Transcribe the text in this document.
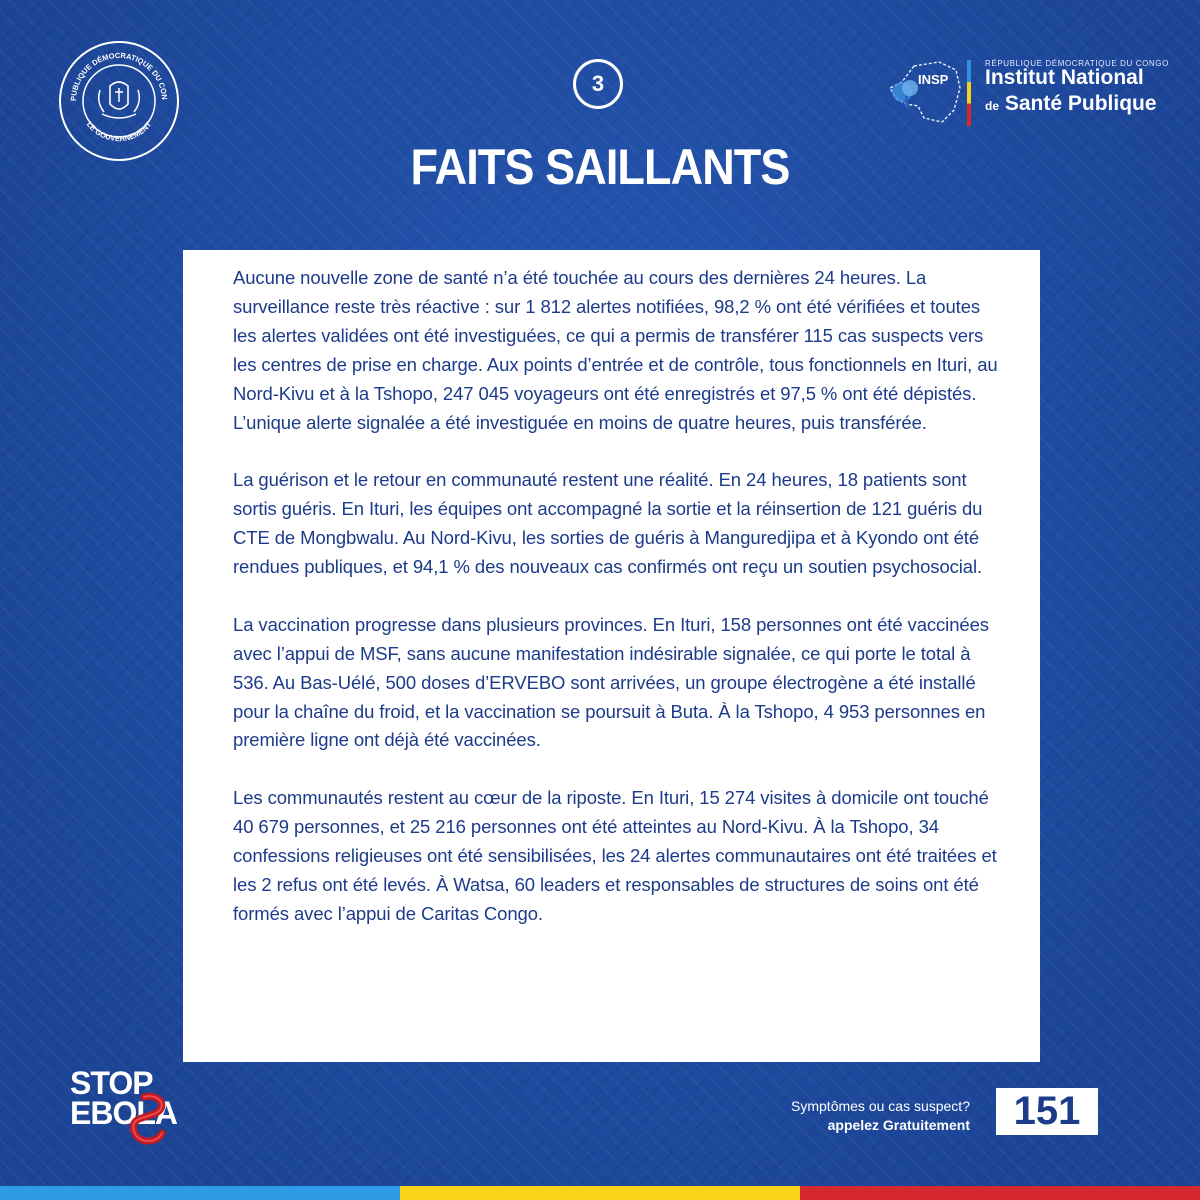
PUBLIQUE DÉMOCRATIQUE DU CON
LE GOUVERNEMENT
3
FAITS SAILLANTS
INSP
RÉPUBLIQUE DÉMOCRATIQUE DU CONGO
Institut National
de Santé Publique

Aucune nouvelle zone de santé n’a été touchée au cours des dernières 24 heures. La surveillance reste très réactive : sur 1 812 alertes notifiées, 98,2 % ont été vérifiées et toutes les alertes validées ont été investiguées, ce qui a permis de transférer 115 cas suspects vers les centres de prise en charge. Aux points d’entrée et de contrôle, tous fonctionnels en Ituri, au Nord-Kivu et à la Tshopo, 247 045 voyageurs ont été enregistrés et 97,5 % ont été dépistés. L’unique alerte signalée a été investiguée en moins de quatre heures, puis transférée.

La guérison et le retour en communauté restent une réalité. En 24 heures, 18 patients sont sortis guéris. En Ituri, les équipes ont accompagné la sortie et la réinsertion de 121 guéris du CTE de Mongbwalu. Au Nord-Kivu, les sorties de guéris à Manguredjipa et à Kyondo ont été rendues publiques, et 94,1 % des nouveaux cas confirmés ont reçu un soutien psychosocial.

La vaccination progresse dans plusieurs provinces. En Ituri, 158 personnes ont été vaccinées avec l’appui de MSF, sans aucune manifestation indésirable signalée, ce qui porte le total à 536. Au Bas-Uélé, 500 doses d’ERVEBO sont arrivées, un groupe électrogène a été installé pour la chaîne du froid, et la vaccination se poursuit à Buta. À la Tshopo, 4 953 personnes en première ligne ont déjà été vaccinées.

Les communautés restent au cœur de la riposte. En Ituri, 15 274 visites à domicile ont touché 40 679 personnes, et 25 216 personnes ont été atteintes au Nord-Kivu. À la Tshopo, 34 confessions religieuses ont été sensibilisées, les 24 alertes communautaires ont été traitées et les 2 refus ont été levés. À Watsa, 60 leaders et responsables de structures de soins ont été formés avec l’appui de Caritas Congo.

STOP
EBOLA	Symptômes ou cas suspect?
appelez Gratuitement 151
